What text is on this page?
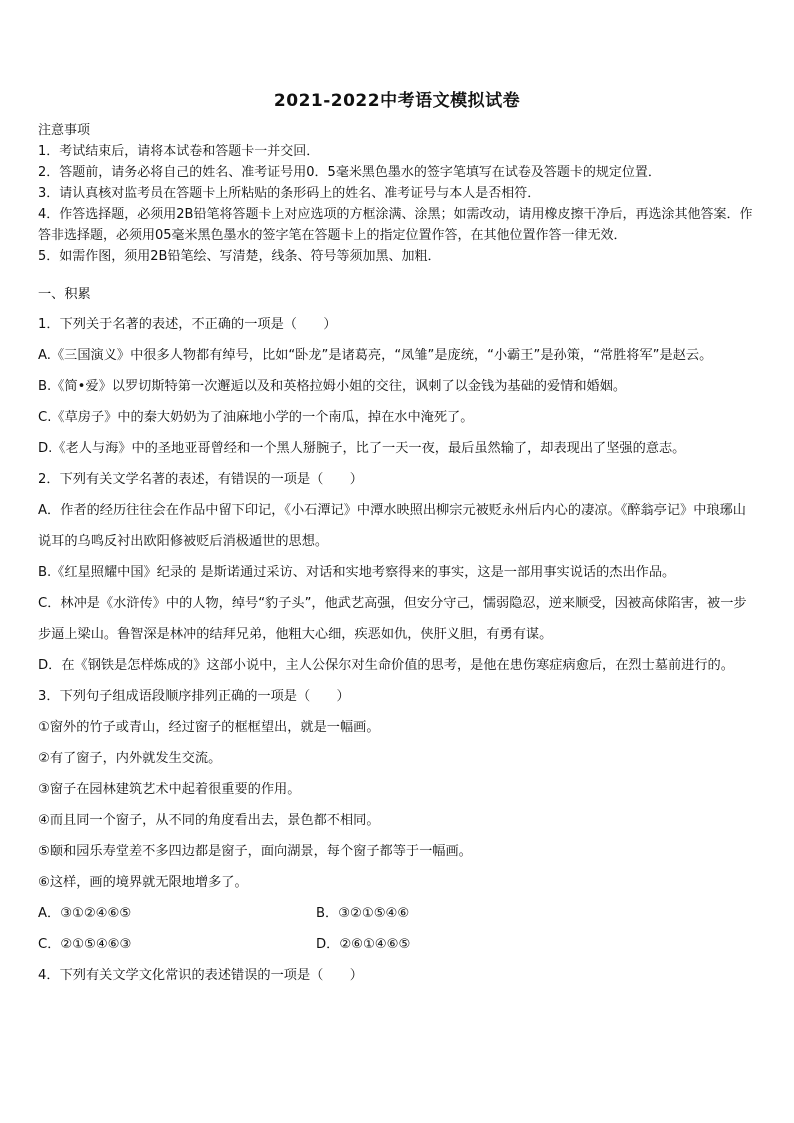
2021-2022中考语文模拟试卷

注意事项

1．考试结束后，请将本试卷和答题卡一并交回．

2．答题前，请务必将自己的姓名、准考证号用0．5毫米黑色墨水的签字笔填写在试卷及答题卡的规定位置．

3．请认真核对监考员在答题卡上所粘贴的条形码上的姓名、准考证号与本人是否相符．

4．作答选择题，必须用2B铅笔将答题卡上对应选项的方框涂满、涂黑；如需改动，请用橡皮擦干净后，再选涂其他答案．作答非选择题，必须用05毫米黑色墨水的签字笔在答题卡上的指定位置作答，在其他位置作答一律无效．

5．如需作图，须用2B铅笔绘、写清楚，线条、符号等须加黑、加粗．

一、积累

1．下列关于名著的表述，不正确的一项是（　　）

A.《三国演义》中很多人物都有绰号，比如“卧龙”是诸葛亮，“凤雏”是庞统，“小霸王”是孙策，“常胜将军”是赵云。

B.《简•爱》以罗切斯特第一次邂逅以及和英格拉姆小姐的交往，讽刺了以金钱为基础的爱情和婚姻。

C.《草房子》中的秦大奶奶为了油麻地小学的一个南瓜，掉在水中淹死了。

D.《老人与海》中的圣地亚哥曾经和一个黑人掰腕子，比了一天一夜，最后虽然输了，却表现出了坚强的意志。

2．下列有关文学名著的表述，有错误的一项是（　　）

A．作者的经历往往会在作品中留下印记，《小石潭记》中潭水映照出柳宗元被贬永州后内心的凄凉。《醉翁亭记》中琅琊山说耳的乌鸣反衬出欧阳修被贬后消极遁世的思想。

B.《红星照耀中国》纪录的 是斯诺通过采访、对话和实地考察得来的事实，这是一部用事实说话的杰出作品。

C．林冲是《水浒传》中的人物，绰号“豹子头”，他武艺高强，但安分守己，懦弱隐忍，逆来顺受，因被高俅陷害，被一步步逼上梁山。鲁智深是林冲的结拜兄弟，他粗大心细，疾恶如仇，侠肝义胆，有勇有谋。

D．在《钢铁是怎样炼成的》这部小说中，主人公保尔对生命价值的思考，是他在患伤寒症病愈后，在烈士墓前进行的。

3．下列句子组成语段顺序排列正确的一项是（　　）

①窗外的竹子或青山，经过窗子的框框望出，就是一幅画。

②有了窗子，内外就发生交流。

③窗子在园林建筑艺术中起着很重要的作用。

④而且同一个窗子，从不同的角度看出去，景色都不相同。

⑤颐和园乐寿堂差不多四边都是窗子，面向湖景，每个窗子都等于一幅画。

⑥这样，画的境界就无限地增多了。

A．③①②④⑥⑤	B．③②①⑤④⑥
C．②①⑤④⑥③	D．②⑥①④⑥⑤

4．下列有关文学文化常识的表述错误的一项是（　　）
